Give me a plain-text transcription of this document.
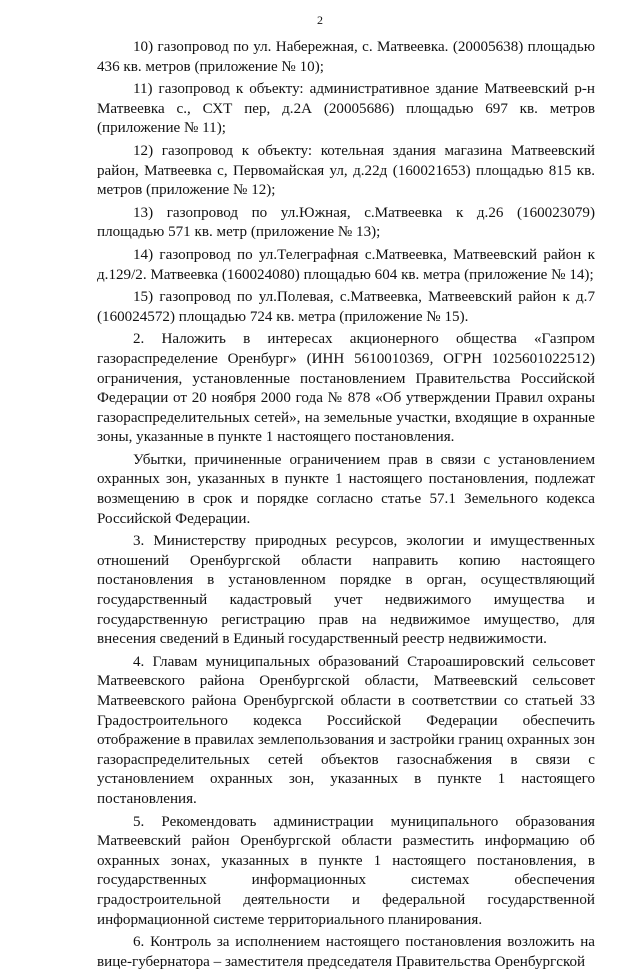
2

10) газопровод по ул. Набережная, с. Матвеевка. (20005638) площадью 436 кв. метров (приложение № 10);

11) газопровод к объекту: административное здание Матвеевский р-н Матвеевка с., СХТ пер, д.2А (20005686) площадью 697 кв. метров (приложение № 11);

12) газопровод к объекту: котельная здания магазина Матвеевский район, Матвеевка с, Первомайская ул, д.22д (160021653) площадью 815 кв. метров (приложение № 12);

13) газопровод по ул.Южная, с.Матвеевка к д.26 (160023079) площадью 571 кв. метр (приложение № 13);

14) газопровод по ул.Телеграфная с.Матвеевка, Матвеевский район к д.129/2. Матвеевка (160024080) площадью 604 кв. метра (приложение № 14);

15) газопровод по ул.Полевая, с.Матвеевка, Матвеевский район к д.7 (160024572) площадью 724 кв. метра (приложение № 15).

2. Наложить в интересах акционерного общества «Газпром газораспределение Оренбург» (ИНН 5610010369, ОГРН 1025601022512) ограничения, установленные постановлением Правительства Российской Федерации от 20 ноября 2000 года № 878 «Об утверждении Правил охраны газораспределительных сетей», на земельные участки, входящие в охранные зоны, указанные в пункте 1 настоящего постановления.

Убытки, причиненные ограничением прав в связи с установлением охранных зон, указанных в пункте 1 настоящего постановления, подлежат возмещению в срок и порядке согласно статье 57.1 Земельного кодекса Российской Федерации.

3. Министерству природных ресурсов, экологии и имущественных отношений Оренбургской области направить копию настоящего постановления в установленном порядке в орган, осуществляющий государственный кадастровый учет недвижимого имущества и государственную регистрацию прав на недвижимое имущество, для внесения сведений в Единый государственный реестр недвижимости.

4. Главам муниципальных образований Староашировский сельсовет Матвеевского района Оренбургской области, Матвеевский сельсовет Матвеевского района Оренбургской области в соответствии со статьей 33 Градостроительного кодекса Российской Федерации обеспечить отображение в правилах землепользования и застройки границ охранных зон газораспределительных сетей объектов газоснабжения в связи с установлением охранных зон, указанных в пункте 1 настоящего постановления.

5. Рекомендовать администрации муниципального образования Матвеевский район Оренбургской области разместить информацию об охранных зонах, указанных в пункте 1 настоящего постановления, в государственных информационных системах обеспечения градостроительной деятельности и федеральной государственной информационной системе территориального планирования.

6. Контроль за исполнением настоящего постановления возложить на вице-губернатора – заместителя председателя Правительства Оренбургской
